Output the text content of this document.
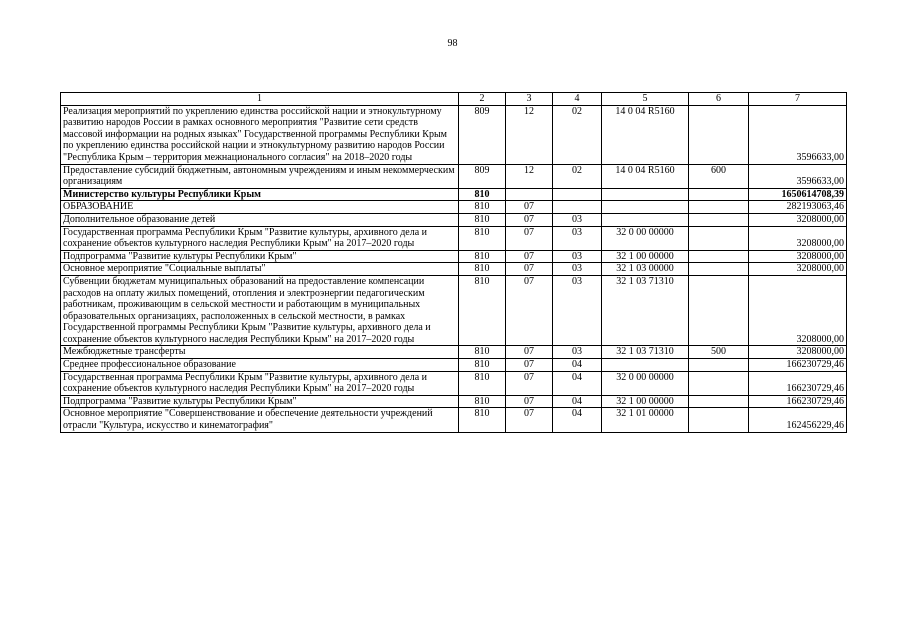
98
1	2	3	4	5	6	7
Реализация мероприятий по укреплению единства российской нации и этнокультурному развитию народов России в рамках основного мероприятия "Развитие сети средств массовой информации на родных языках" Государственной программы Республики Крым по укреплению единства российской нации и этнокультурному развитию народов России "Республика Крым – территория межнационального согласия" на 2018–2020 годы	809	12	02	14 0 04 R5160		3596633,00
Предоставление субсидий бюджетным, автономным учреждениям и иным некоммерческим организациям	809	12	02	14 0 04 R5160	600	3596633,00
Министерство культуры Республики Крым	810					1650614708,39
ОБРАЗОВАНИЕ	810	07				282193063,46
Дополнительное образование детей	810	07	03			3208000,00
Государственная программа Республики Крым "Развитие культуры, архивного дела и сохранение объектов культурного наследия Республики Крым" на 2017–2020 годы	810	07	03	32 0 00 00000		3208000,00
Подпрограмма "Развитие культуры Республики Крым"	810	07	03	32 1 00 00000		3208000,00
Основное мероприятие "Социальные выплаты"	810	07	03	32 1 03 00000		3208000,00
Субвенции бюджетам муниципальных образований на предоставление компенсации расходов на оплату жилых помещений, отопления и электроэнергии педагогическим работникам, проживающим в сельской местности и работающим в муниципальных образовательных организациях, расположенных в сельской местности, в рамках Государственной программы Республики Крым "Развитие культуры, архивного дела и сохранение объектов культурного наследия Республики Крым" на 2017–2020 годы	810	07	03	32 1 03 71310		3208000,00
Межбюджетные трансферты	810	07	03	32 1 03 71310	500	3208000,00
Среднее профессиональное образование	810	07	04			166230729,46
Государственная программа Республики Крым "Развитие культуры, архивного дела и сохранение объектов культурного наследия Республики Крым" на 2017–2020 годы	810	07	04	32 0 00 00000		166230729,46
Подпрограмма "Развитие культуры Республики Крым"	810	07	04	32 1 00 00000		166230729,46
Основное мероприятие "Совершенствование и обеспечение деятельности учреждений отрасли "Культура, искусство и кинематография"	810	07	04	32 1 01 00000		162456229,46
